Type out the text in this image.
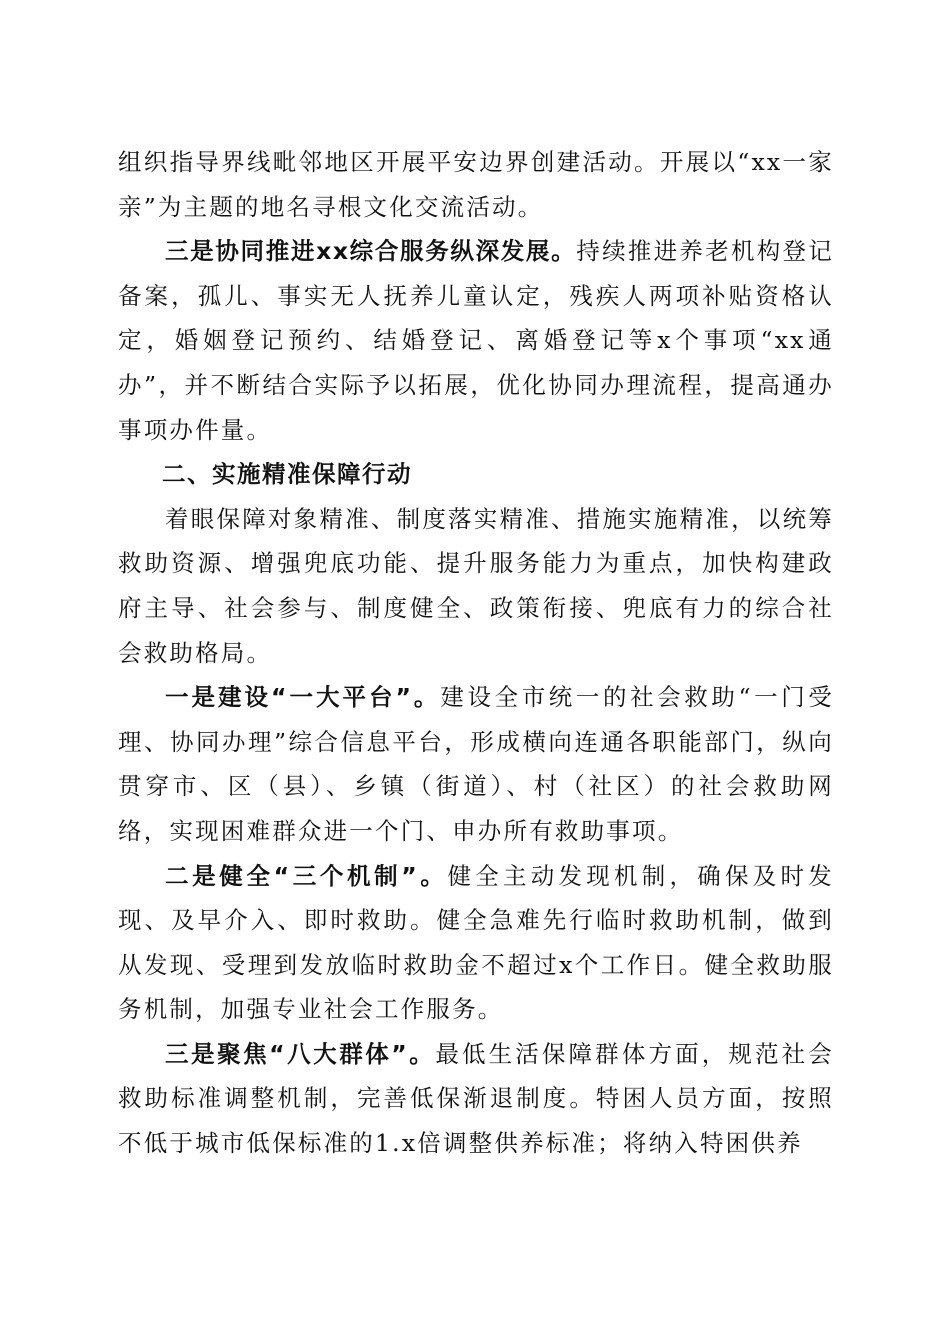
组织指导界线毗邻地区开展平安边界创建活动。开展以“xx一家亲”为主题的地名寻根文化交流活动。

三是协同推进xx综合服务纵深发展。持续推进养老机构登记备案，孤儿、事实无人抚养儿童认定，残疾人两项补贴资格认定，婚姻登记预约、结婚登记、离婚登记等x个事项“xx通办”，并不断结合实际予以拓展，优化协同办理流程，提高通办事项办件量。

二、实施精准保障行动

着眼保障对象精准、制度落实精准、措施实施精准，以统筹救助资源、增强兜底功能、提升服务能力为重点，加快构建政府主导、社会参与、制度健全、政策衔接、兜底有力的综合社会救助格局。

一是建设“一大平台”。建设全市统一的社会救助“一门受理、协同办理”综合信息平台，形成横向连通各职能部门，纵向贯穿市、区（县）、乡镇（街道）、村（社区）的社会救助网络，实现困难群众进一个门、申办所有救助事项。

二是健全“三个机制”。健全主动发现机制，确保及时发现、及早介入、即时救助。健全急难先行临时救助机制，做到从发现、受理到发放临时救助金不超过x个工作日。健全救助服务机制，加强专业社会工作服务。

三是聚焦“八大群体”。最低生活保障群体方面，规范社会救助标准调整机制，完善低保渐退制度。特困人员方面，按照不低于城市低保标准的1.x倍调整供养标准；将纳入特困供养
